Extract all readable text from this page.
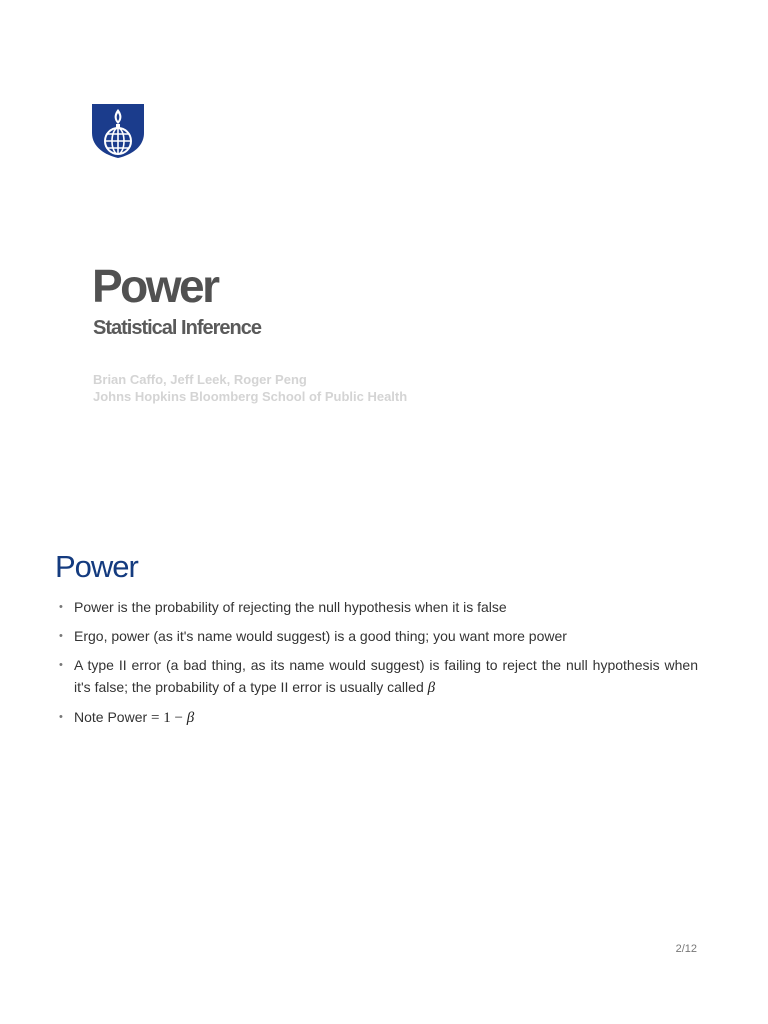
Power
Statistical Inference
Brian Caffo, Jeff Leek, Roger Peng
Johns Hopkins Bloomberg School of Public Health
Power
• Power is the probability of rejecting the null hypothesis when it is false
• Ergo, power (as it's name would suggest) is a good thing; you want more power
• A type II error (a bad thing, as its name would suggest) is failing to reject the null hypothesis when it's false; the probability of a type II error is usually called β
• Note Power = 1 − β
2/12
